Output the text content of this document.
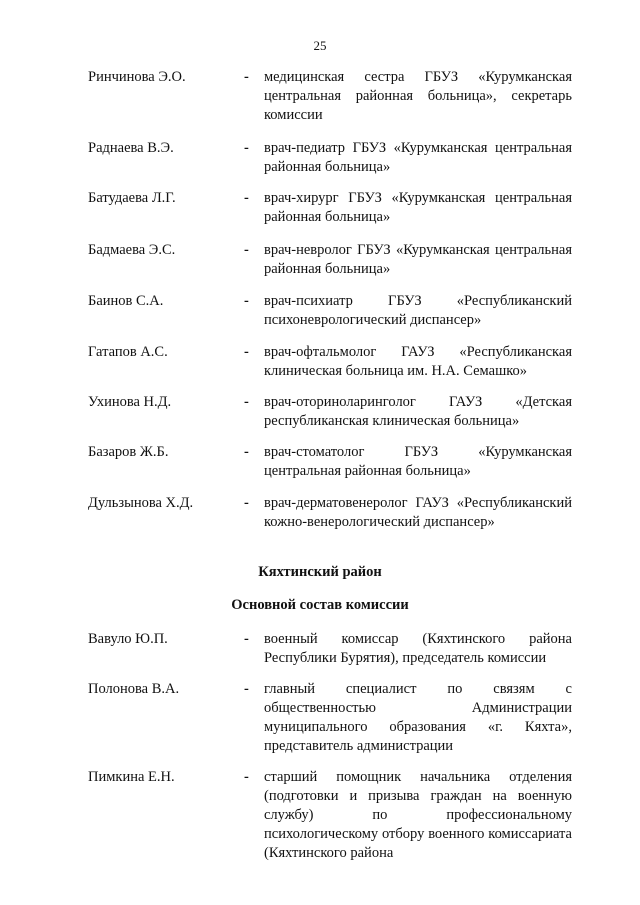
25
Ринчинова Э.О.	- медицинская сестра ГБУЗ «Курумканская центральная районная больница», секретарь комиссии
Раднаева В.Э.	- врач-педиатр ГБУЗ «Курумканская центральная районная больница»
Батудаева Л.Г.	- врач-хирург ГБУЗ «Курумканская центральная районная больница»
Бадмаева Э.С.	- врач-невролог ГБУЗ «Курумканская центральная районная больница»
Баинов С.А.	- врач-психиатр ГБУЗ «Республиканский психоневрологический диспансер»
Гатапов А.С.	- врач-офтальмолог ГАУЗ «Республиканская клиническая больница им. Н.А. Семашко»
Ухинова Н.Д.	- врач-оториноларинголог ГАУЗ «Детская республиканская клиническая больница»
Базаров Ж.Б.	- врач-стоматолог ГБУЗ «Курумканская центральная районная больница»
Дульзынова Х.Д.	- врач-дерматовенеролог ГАУЗ «Республиканский кожно-венерологический диспансер»
Кяхтинский район
Основной состав комиссии
Вавуло Ю.П.	- военный комиссар (Кяхтинского района Республики Бурятия), председатель комиссии
Полонова В.А.	- главный специалист по связям с общественностью Администрации муниципального образования «г. Кяхта», представитель администрации
Пимкина Е.Н.	- старший помощник начальника отделения (подготовки и призыва граждан на военную службу) по профессиональному психологическому отбору военного комиссариата (Кяхтинского района
